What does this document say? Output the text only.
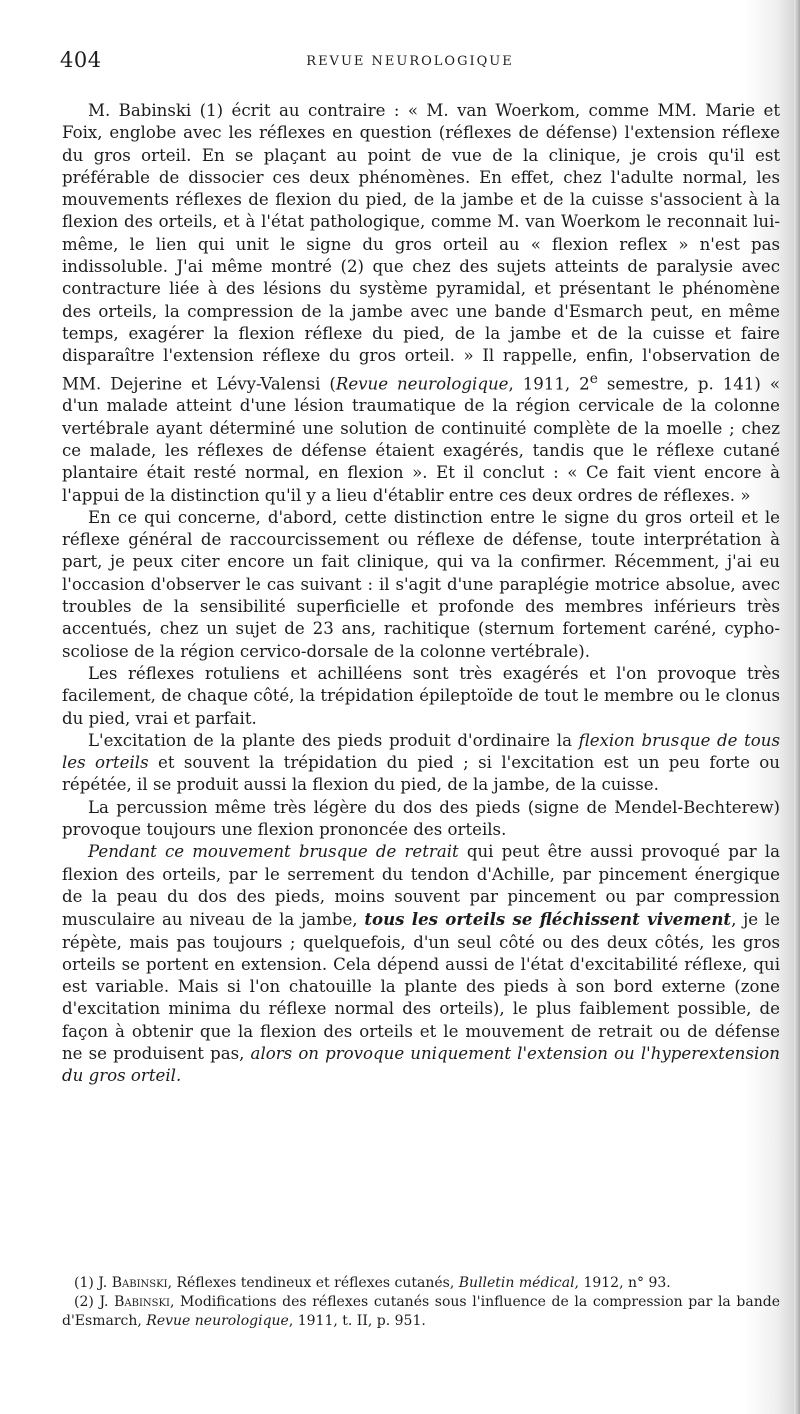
404	REVUE NEUROLOGIQUE

M. Babinski (1) écrit au contraire : « M. van Woerkom, comme MM. Marie et Foix, englobe avec les réflexes en question (réflexes de défense) l'extension réflexe du gros orteil. En se plaçant au point de vue de la clinique, je crois qu'il est préférable de dissocier ces deux phénomènes. En effet, chez l'adulte normal, les mouvements réflexes de flexion du pied, de la jambe et de la cuisse s'associent à la flexion des orteils, et à l'état pathologique, comme M. van Woerkom le reconnait lui-même, le lien qui unit le signe du gros orteil au « flexion reflex » n'est pas indissoluble. J'ai même montré (2) que chez des sujets atteints de paralysie avec contracture liée à des lésions du système pyramidal, et présentant le phénomène des orteils, la compression de la jambe avec une bande d'Esmarch peut, en même temps, exagérer la flexion réflexe du pied, de la jambe et de la cuisse et faire disparaître l'extension réflexe du gros orteil. » Il rappelle, enfin, l'observation de MM. Dejerine et Lévy-Valensi (Revue neurologique, 1911, 2e semestre, p. 141) « d'un malade atteint d'une lésion traumatique de la région cervicale de la colonne vertébrale ayant déterminé une solution de continuité complète de la moelle ; chez ce malade, les réflexes de défense étaient exagérés, tandis que le réflexe cutané plantaire était resté normal, en flexion ». Et il conclut : « Ce fait vient encore à l'appui de la distinction qu'il y a lieu d'établir entre ces deux ordres de réflexes. »

En ce qui concerne, d'abord, cette distinction entre le signe du gros orteil et le réflexe général de raccourcissement ou réflexe de défense, toute interprétation à part, je peux citer encore un fait clinique, qui va la confirmer. Récemment, j'ai eu l'occasion d'observer le cas suivant : il s'agit d'une paraplégie motrice absolue, avec troubles de la sensibilité superficielle et profonde des membres inférieurs très accentués, chez un sujet de 23 ans, rachitique (sternum fortement caréné, cypho-scoliose de la région cervico-dorsale de la colonne vertébrale).

Les réflexes rotuliens et achilléens sont très exagérés et l'on provoque très facilement, de chaque côté, la trépidation épileptoïde de tout le membre ou le clonus du pied, vrai et parfait.

L'excitation de la plante des pieds produit d'ordinaire la flexion brusque de tous les orteils et souvent la trépidation du pied ; si l'excitation est un peu forte ou répétée, il se produit aussi la flexion du pied, de la jambe, de la cuisse.

La percussion même très légère du dos des pieds (signe de Mendel-Bechterew) provoque toujours une flexion prononcée des orteils.

Pendant ce mouvement brusque de retrait qui peut être aussi provoqué par la flexion des orteils, par le serrement du tendon d'Achille, par pincement énergique de la peau du dos des pieds, moins souvent par pincement ou par compression musculaire au niveau de la jambe, tous les orteils se fléchissent vivement, je le répète, mais pas toujours ; quelquefois, d'un seul côté ou des deux côtés, les gros orteils se portent en extension. Cela dépend aussi de l'état d'excitabilité réflexe, qui est variable. Mais si l'on chatouille la plante des pieds à son bord externe (zone d'excitation minima du réflexe normal des orteils), le plus faiblement possible, de façon à obtenir que la flexion des orteils et le mouvement de retrait ou de défense ne se produisent pas, alors on provoque uniquement l'extension ou l'hyperextension du gros orteil.

(1) J. Babinski, Réflexes tendineux et réflexes cutanés, Bulletin médical, 1912, n° 93.

(2) J. Babinski, Modifications des réflexes cutanés sous l'influence de la compression par la bande d'Esmarch, Revue neurologique, 1911, t. II, p. 951.
